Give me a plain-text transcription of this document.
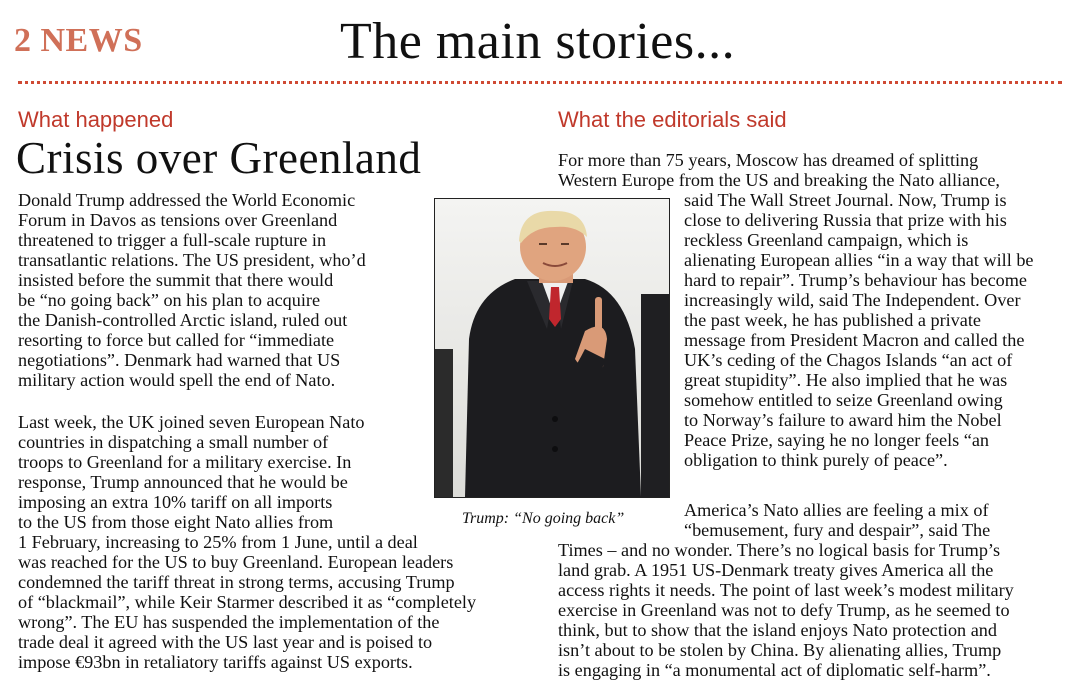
2 NEWS	The main stories...
What happened
Crisis over Greenland
What the editorials said
Donald Trump addressed the World Economic
Forum in Davos as tensions over Greenland
threatened to trigger a full-scale rupture in
transatlantic relations. The US president, who’d
insisted before the summit that there would
be “no going back” on his plan to acquire
the Danish-controlled Arctic island, ruled out
resorting to force but called for “immediate
negotiations”. Denmark had warned that US
military action would spell the end of Nato.
Last week, the UK joined seven European Nato
countries in dispatching a small number of
troops to Greenland for a military exercise. In
response, Trump announced that he would be
imposing an extra 10% tariff on all imports
to the US from those eight Nato allies from
1 February, increasing to 25% from 1 June, until a deal
was reached for the US to buy Greenland. European leaders
condemned the tariff threat in strong terms, accusing Trump
of “blackmail”, while Keir Starmer described it as “completely
wrong”. The EU has suspended the implementation of the
trade deal it agreed with the US last year and is poised to
impose €93bn in retaliatory tariffs against US exports.
Trump: “No going back”
For more than 75 years, Moscow has dreamed of splitting
Western Europe from the US and breaking the Nato alliance,
said The Wall Street Journal. Now, Trump is
close to delivering Russia that prize with his
reckless Greenland campaign, which is
alienating European allies “in a way that will be
hard to repair”. Trump’s behaviour has become
increasingly wild, said The Independent. Over
the past week, he has published a private
message from President Macron and called the
UK’s ceding of the Chagos Islands “an act of
great stupidity”. He also implied that he was
somehow entitled to seize Greenland owing
to Norway’s failure to award him the Nobel
Peace Prize, saying he no longer feels “an
obligation to think purely of peace”.
America’s Nato allies are feeling a mix of
“bemusement, fury and despair”, said The
Times – and no wonder. There’s no logical basis for Trump’s
land grab. A 1951 US-Denmark treaty gives America all the
access rights it needs. The point of last week’s modest military
exercise in Greenland was not to defy Trump, as he seemed to
think, but to show that the island enjoys Nato protection and
isn’t about to be stolen by China. By alienating allies, Trump
is engaging in “a monumental act of diplomatic self-harm”.
